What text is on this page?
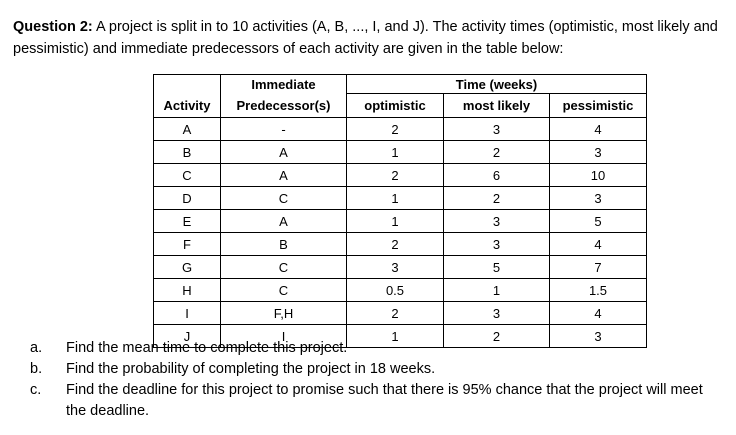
Question 2: A project is split in to 10 activities (A, B, ..., I, and J). The activity times (optimistic, most likely and pessimistic) and immediate predecessors of each activity are given in the table below:

	Immediate	Time (weeks)		
Activity	Predecessor(s)	optimistic	most likely	pessimistic
A	-	2	3	4
B	A	1	2	3
C	A	2	6	10
D	C	1	2	3
E	A	1	3	5
F	B	2	3	4
G	C	3	5	7
H	C	0.5	1	1.5
I	F,H	2	3	4
J	I	1	2	3
a. Find the mean time to complete this project.
b. Find the probability of completing the project in 18 weeks.
c. Find the deadline for this project to promise such that there is 95% chance that the project will meet the deadline.
